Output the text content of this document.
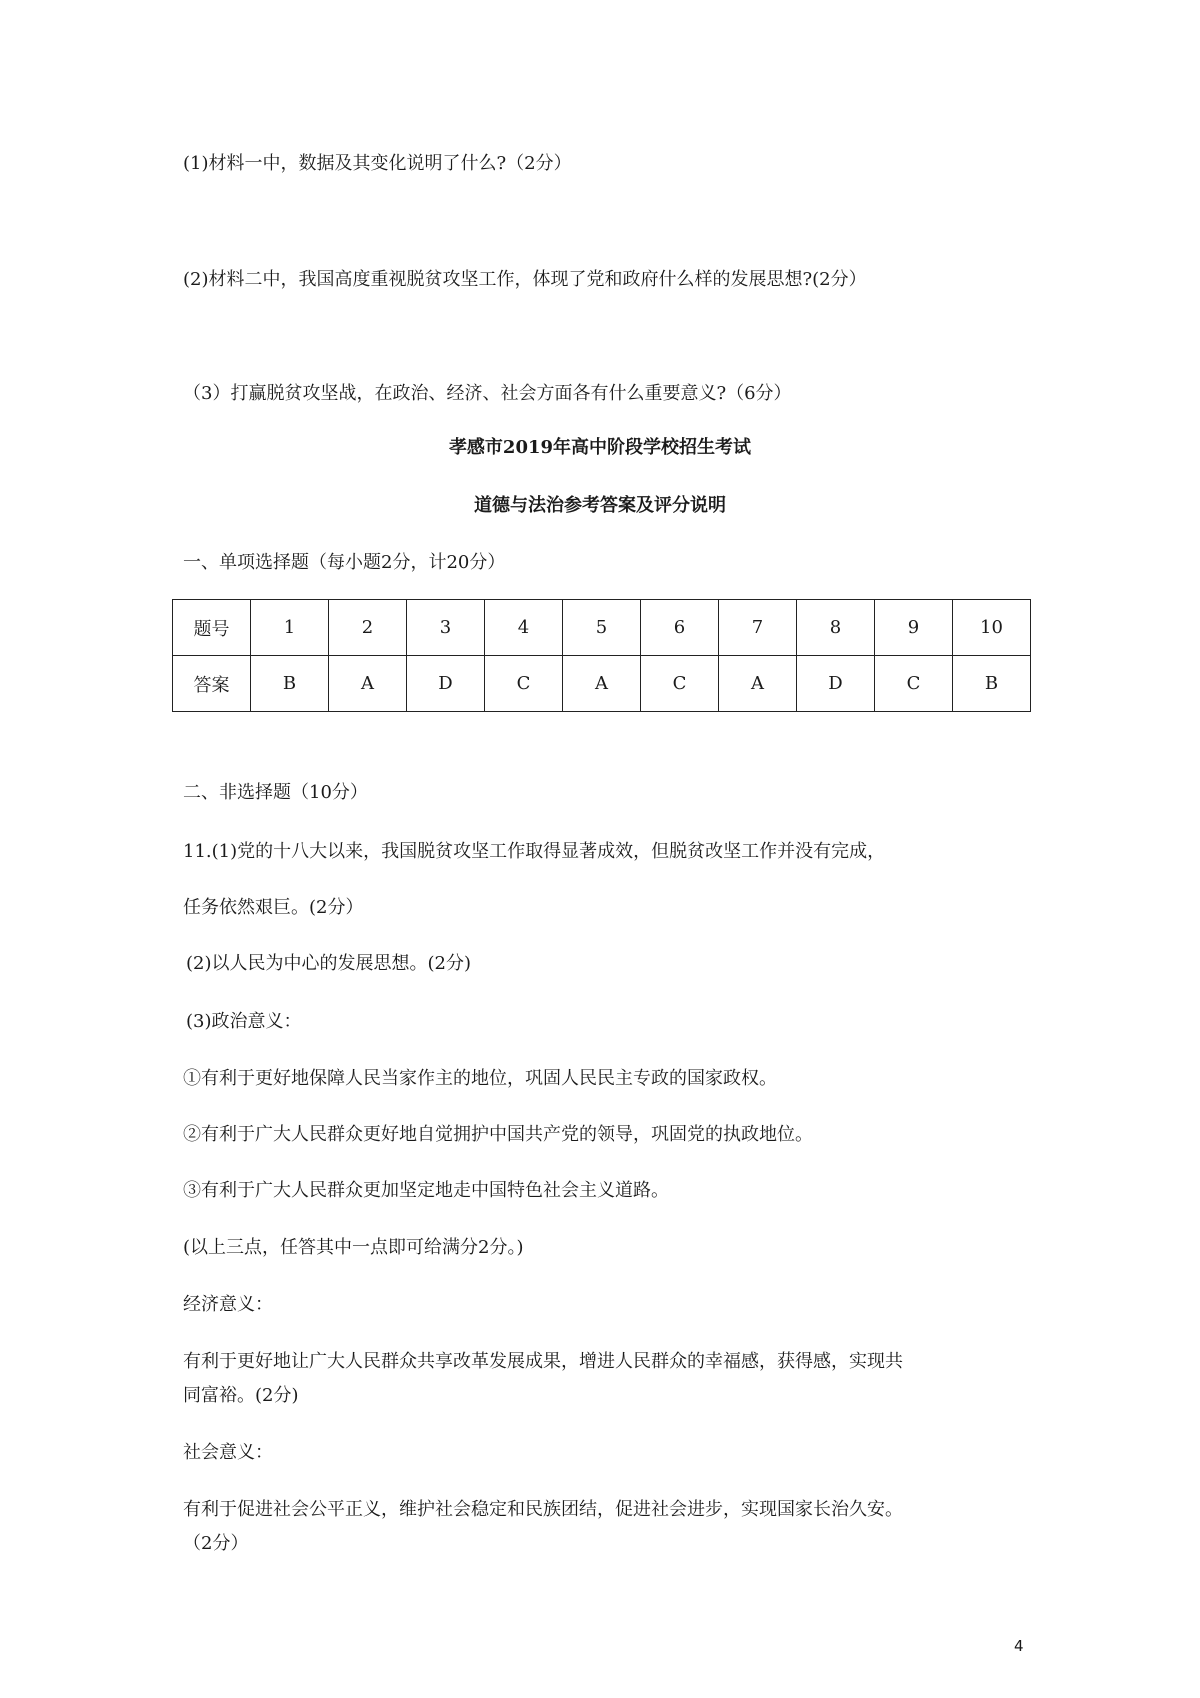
(1)材料一中，数据及其变化说明了什么?（2分）
(2)材料二中，我国高度重视脱贫攻坚工作，体现了党和政府什么样的发展思想?(2分）
（3）打赢脱贫攻坚战，在政治、经济、社会方面各有什么重要意义?（6分）
孝感市2019年高中阶段学校招生考试
道德与法治参考答案及评分说明
一、单项选择题（每小题2分，计20分）
题号	1	2	3	4	5	6	7	8	9	10
答案	B	A	D	C	A	C	A	D	C	B
二、非选择题（10分）
11.(1)党的十八大以来，我国脱贫攻坚工作取得显著成效，但脱贫改坚工作并没有完成，
任务依然艰巨。(2分）
(2)以人民为中心的发展思想。(2分)
(3)政治意义：
①有利于更好地保障人民当家作主的地位，巩固人民民主专政的国家政权。
②有利于广大人民群众更好地自觉拥护中国共产党的领导，巩固党的执政地位。
③有利于广大人民群众更加坚定地走中国特色社会主义道路。
(以上三点，任答其中一点即可给满分2分。)
经济意义：
有利于更好地让广大人民群众共享改革发展成果，增进人民群众的幸福感，获得感，实现共
同富裕。(2分)
社会意义：
有利于促进社会公平正义，维护社会稳定和民族团结，促进社会进步，实现国家长治久安。
（2分）
4
